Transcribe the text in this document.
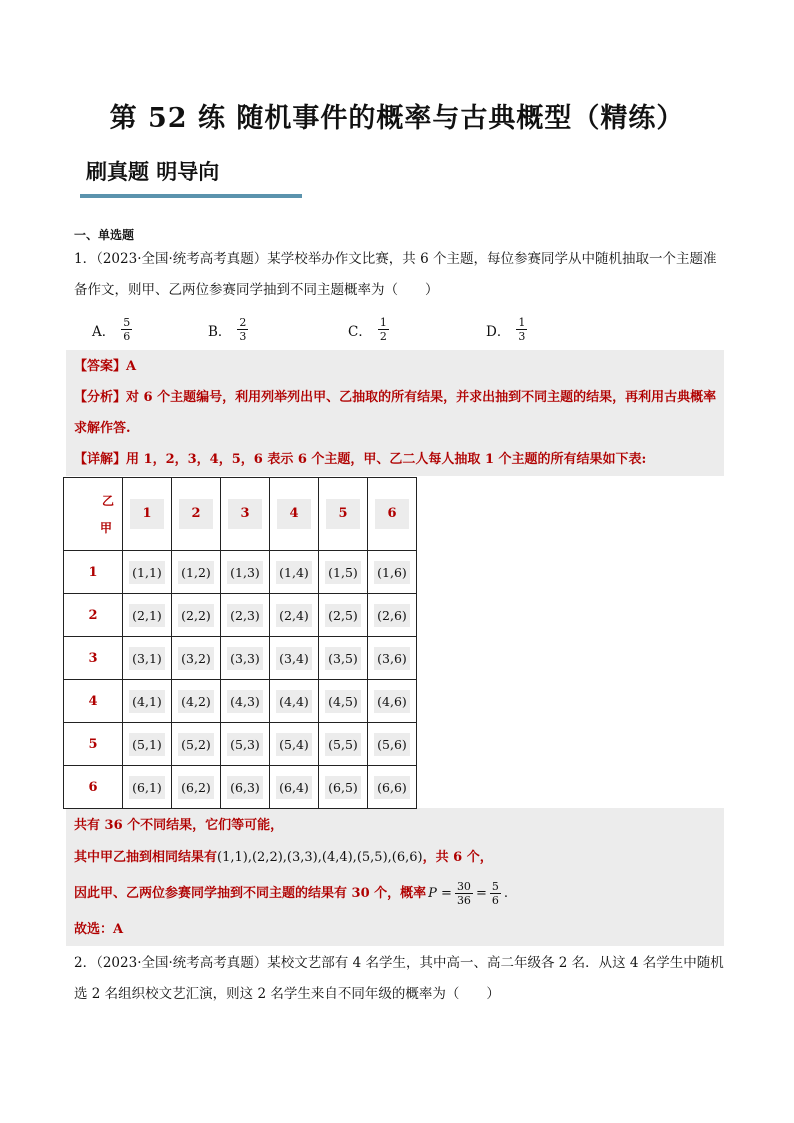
第 52 练 随机事件的概率与古典概型（精练）
刷真题 明导向
一、单选题
1．（2023·全国·统考高考真题）某学校举办作文比赛，共 6 个主题，每位参赛同学从中随机抽取一个主题准备作文，则甲、乙两位参赛同学抽到不同主题概率为（　　）
A． $\frac{5}{6}$	B． $\frac{2}{3}$	C． $\frac{1}{2}$	D． $\frac{1}{3}$
【答案】A
【分析】对 6 个主题编号，利用列举列出甲、乙抽取的所有结果，并求出抽到不同主题的结果，再利用古典概率求解作答.
【详解】用 1，2，3，4，5，6 表示 6 个主题，甲、乙二人每人抽取 1 个主题的所有结果如下表:
乙
甲	1	2	3	4	5	6
1	(1,1)	(1,2)	(1,3)	(1,4)	(1,5)	(1,6)
2	(2,1)	(2,2)	(2,3)	(2,4)	(2,5)	(2,6)
3	(3,1)	(3,2)	(3,3)	(3,4)	(3,5)	(3,6)
4	(4,1)	(4,2)	(4,3)	(4,4)	(4,5)	(4,6)
5	(5,1)	(5,2)	(5,3)	(5,4)	(5,5)	(5,6)
6	(6,1)	(6,2)	(6,3)	(6,4)	(6,5)	(6,6)
共有 36 个不同结果，它们等可能，
其中甲乙抽到相同结果有(1,1),(2,2),(3,3),(4,4),(5,5),(6,6)，共 6 个，
因此甲、乙两位参赛同学抽到不同主题的结果有 30 个，概率 $P = \frac{30}{36} = \frac{5}{6}$ .
故选：A
2．（2023·全国·统考高考真题）某校文艺部有 4 名学生，其中高一、高二年级各 2 名．从这 4 名学生中随机选 2 名组织校文艺汇演，则这 2 名学生来自不同年级的概率为（　　）
